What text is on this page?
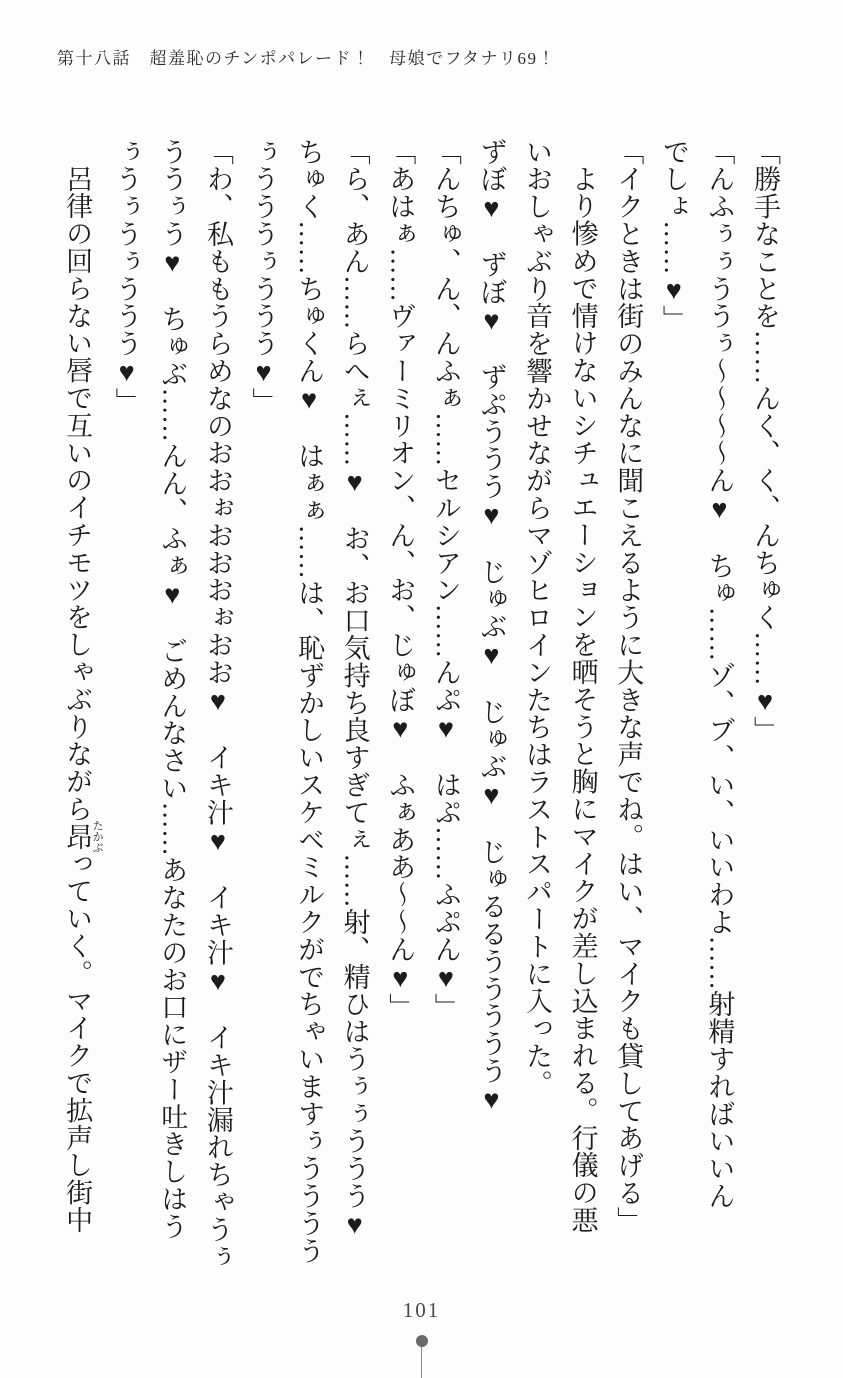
第十八話　超羞恥のチンポパレード！　母娘でフタナリ69！

「勝手なことを……んく、く、んちゅく……♥」

「んふぅぅううぅ～～～～ん♥　ちゅ……ゾ、ブ、い、いいわよ……射精すればいいん

でしょ……♥」

「イクときは街のみんなに聞こえるように大きな声でね。はい、マイクも貸してあげる」

より惨めで情けないシチュエーションを晒そうと胸にマイクが差し込まれる。行儀の悪

いおしゃぶり音を響かせながらマゾヒロインたちはラストスパートに入った。

ずぼ♥　ずぼ♥　ずぷううう♥　じゅぶ♥　じゅぶ♥　じゅるるううううう♥

「んちゅ、ん、んふぁ……セルシアン……んぷ♥　はぷ……ふぷん♥」

「あはぁ……ヴァーミリオン、ん、お、じゅぼ♥　ふぁああ～～ん♥」

「ら、あん……らへぇ……♥　お、お口気持ち良すぎてぇ……射、精ひはうぅぅううう♥

ちゅく……ちゅくん♥　はぁぁ……は、恥ずかしいスケベミルクがでちゃいますぅうううう

ぅうううぅううう♥」

「わ、私ももうらめなのおおぉおおおぉおお♥　イキ汁♥　イキ汁♥　イキ汁漏れちゃうぅ

ううぅう♥　ちゅぶ……んん、ふぁ♥　ごめんなさい……あなたのお口にザー吐きしはう

ぅうぅうぅううう♥」

呂律の回らない唇で互いのイチモツをしゃぶりながら昂 たかぶっていく。マイクで拡声し街中

101
